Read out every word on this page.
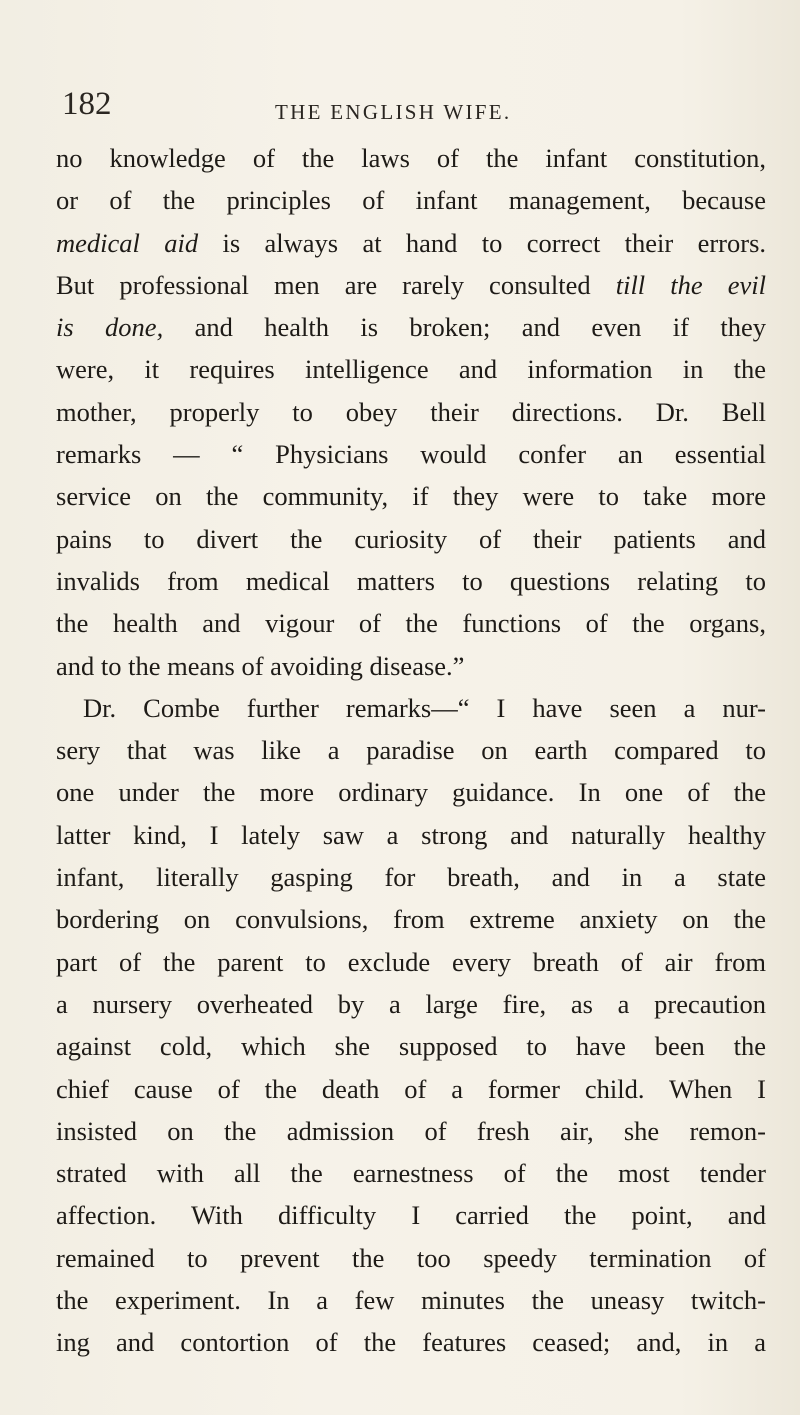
182	THE ENGLISH WIFE.
no knowledge of the laws of the infant constitution,
or of the principles of infant management, because
medical aid is always at hand to correct their errors.
But professional men are rarely consulted till the evil
is done, and health is broken; and even if they
were, it requires intelligence and information in the
mother, properly to obey their directions. Dr. Bell
remarks — “ Physicians would confer an essential
service on the community, if they were to take more
pains to divert the curiosity of their patients and
invalids from medical matters to questions relating to
the health and vigour of the functions of the organs,
and to the means of avoiding disease.”
Dr. Combe further remarks—“ I have seen a nur-
sery that was like a paradise on earth compared to
one under the more ordinary guidance. In one of the
latter kind, I lately saw a strong and naturally healthy
infant, literally gasping for breath, and in a state
bordering on convulsions, from extreme anxiety on the
part of the parent to exclude every breath of air from
a nursery overheated by a large fire, as a precaution
against cold, which she supposed to have been the
chief cause of the death of a former child. When I
insisted on the admission of fresh air, she remon-
strated with all the earnestness of the most tender
affection. With difficulty I carried the point, and
remained to prevent the too speedy termination of
the experiment. In a few minutes the uneasy twitch-
ing and contortion of the features ceased; and, in a
